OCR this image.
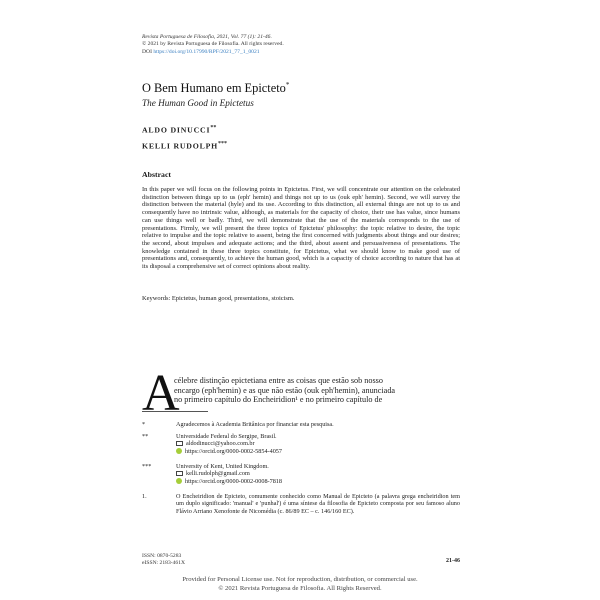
Revista Portuguesa de Filosofia, 2021, Vol. 77 (1): 21-46.
© 2021 by Revista Portuguesa de Filosofia. All rights reserved.
DOI https://doi.org/10.17990/RPF/2021_77_1_0021
O Bem Humano em Epicteto*
The Human Good in Epictetus
ALDO DINUCCI**
KELLI RUDOLPH***
Abstract
In this paper we will focus on the following points in Epictetus. First, we will concentrate our attention on the celebrated distinction between things up to us (eph' hemin) and things not up to us (ouk eph' hemin). Second, we will survey the distinction between the material (hyle) and its use. According to this distinction, all external things are not up to us and consequently have no intrinsic value, although, as materials for the capacity of choice, their use has value, since humans can use things well or badly. Third, we will demonstrate that the use of the materials corresponds to the use of presentations. Firmly, we will present the three topics of Epictetus' philosophy: the topic relative to desire, the topic relative to impulse and the topic relative to assent, being the first concerned with judgments about things and our desires; the second, about impulses and adequate actions; and the third, about assent and persuasiveness of presentations. The knowledge contained in these three topics constitute, for Epictetus, what we should know to make good use of presentations and, consequently, to achieve the human good, which is a capacity of choice according to nature that has at its disposal a comprehensive set of correct opinions about reality.
Keywords: Epictetus, human good, presentations, stoicism.
A
célebre distinção epictetiana entre as coisas que estão sob nosso
encargo (eph'hemin) e as que não estão (ouk eph'hemin), anunciada
no primeiro capítulo do Encheiridion¹ e no primeiro capítulo de
*	Agradecemos à Academia Britânica por financiar esta pesquisa.
**	Universidade Federal do Sergipe, Brasil.
aldodinucci@yahoo.com.br
https://orcid.org/0000-0002-5854-4057
***	University of Kent, United Kingdom.
kelli.rudolph@gmail.com
https://orcid.org/0000-0002-0008-7818
1.	O Encheiridion de Epicteto, comumente conhecido como Manual de Epicteto (a palavra grega encheiridion tem um duplo significado: 'manual' e 'punhal') é uma síntese da filosofia de Epicteto composta por seu famoso aluno Flávio Arriano Xenofonte de Nicomédia (c. 86/89 EC – c. 146/160 EC).
ISSN: 0870-5283
eISSN: 2183-461X	21-46
Provided for Personal License use. Not for reproduction, distribution, or commercial use.
© 2021 Revista Portuguesa de Filosofia. All Rights Reserved.
